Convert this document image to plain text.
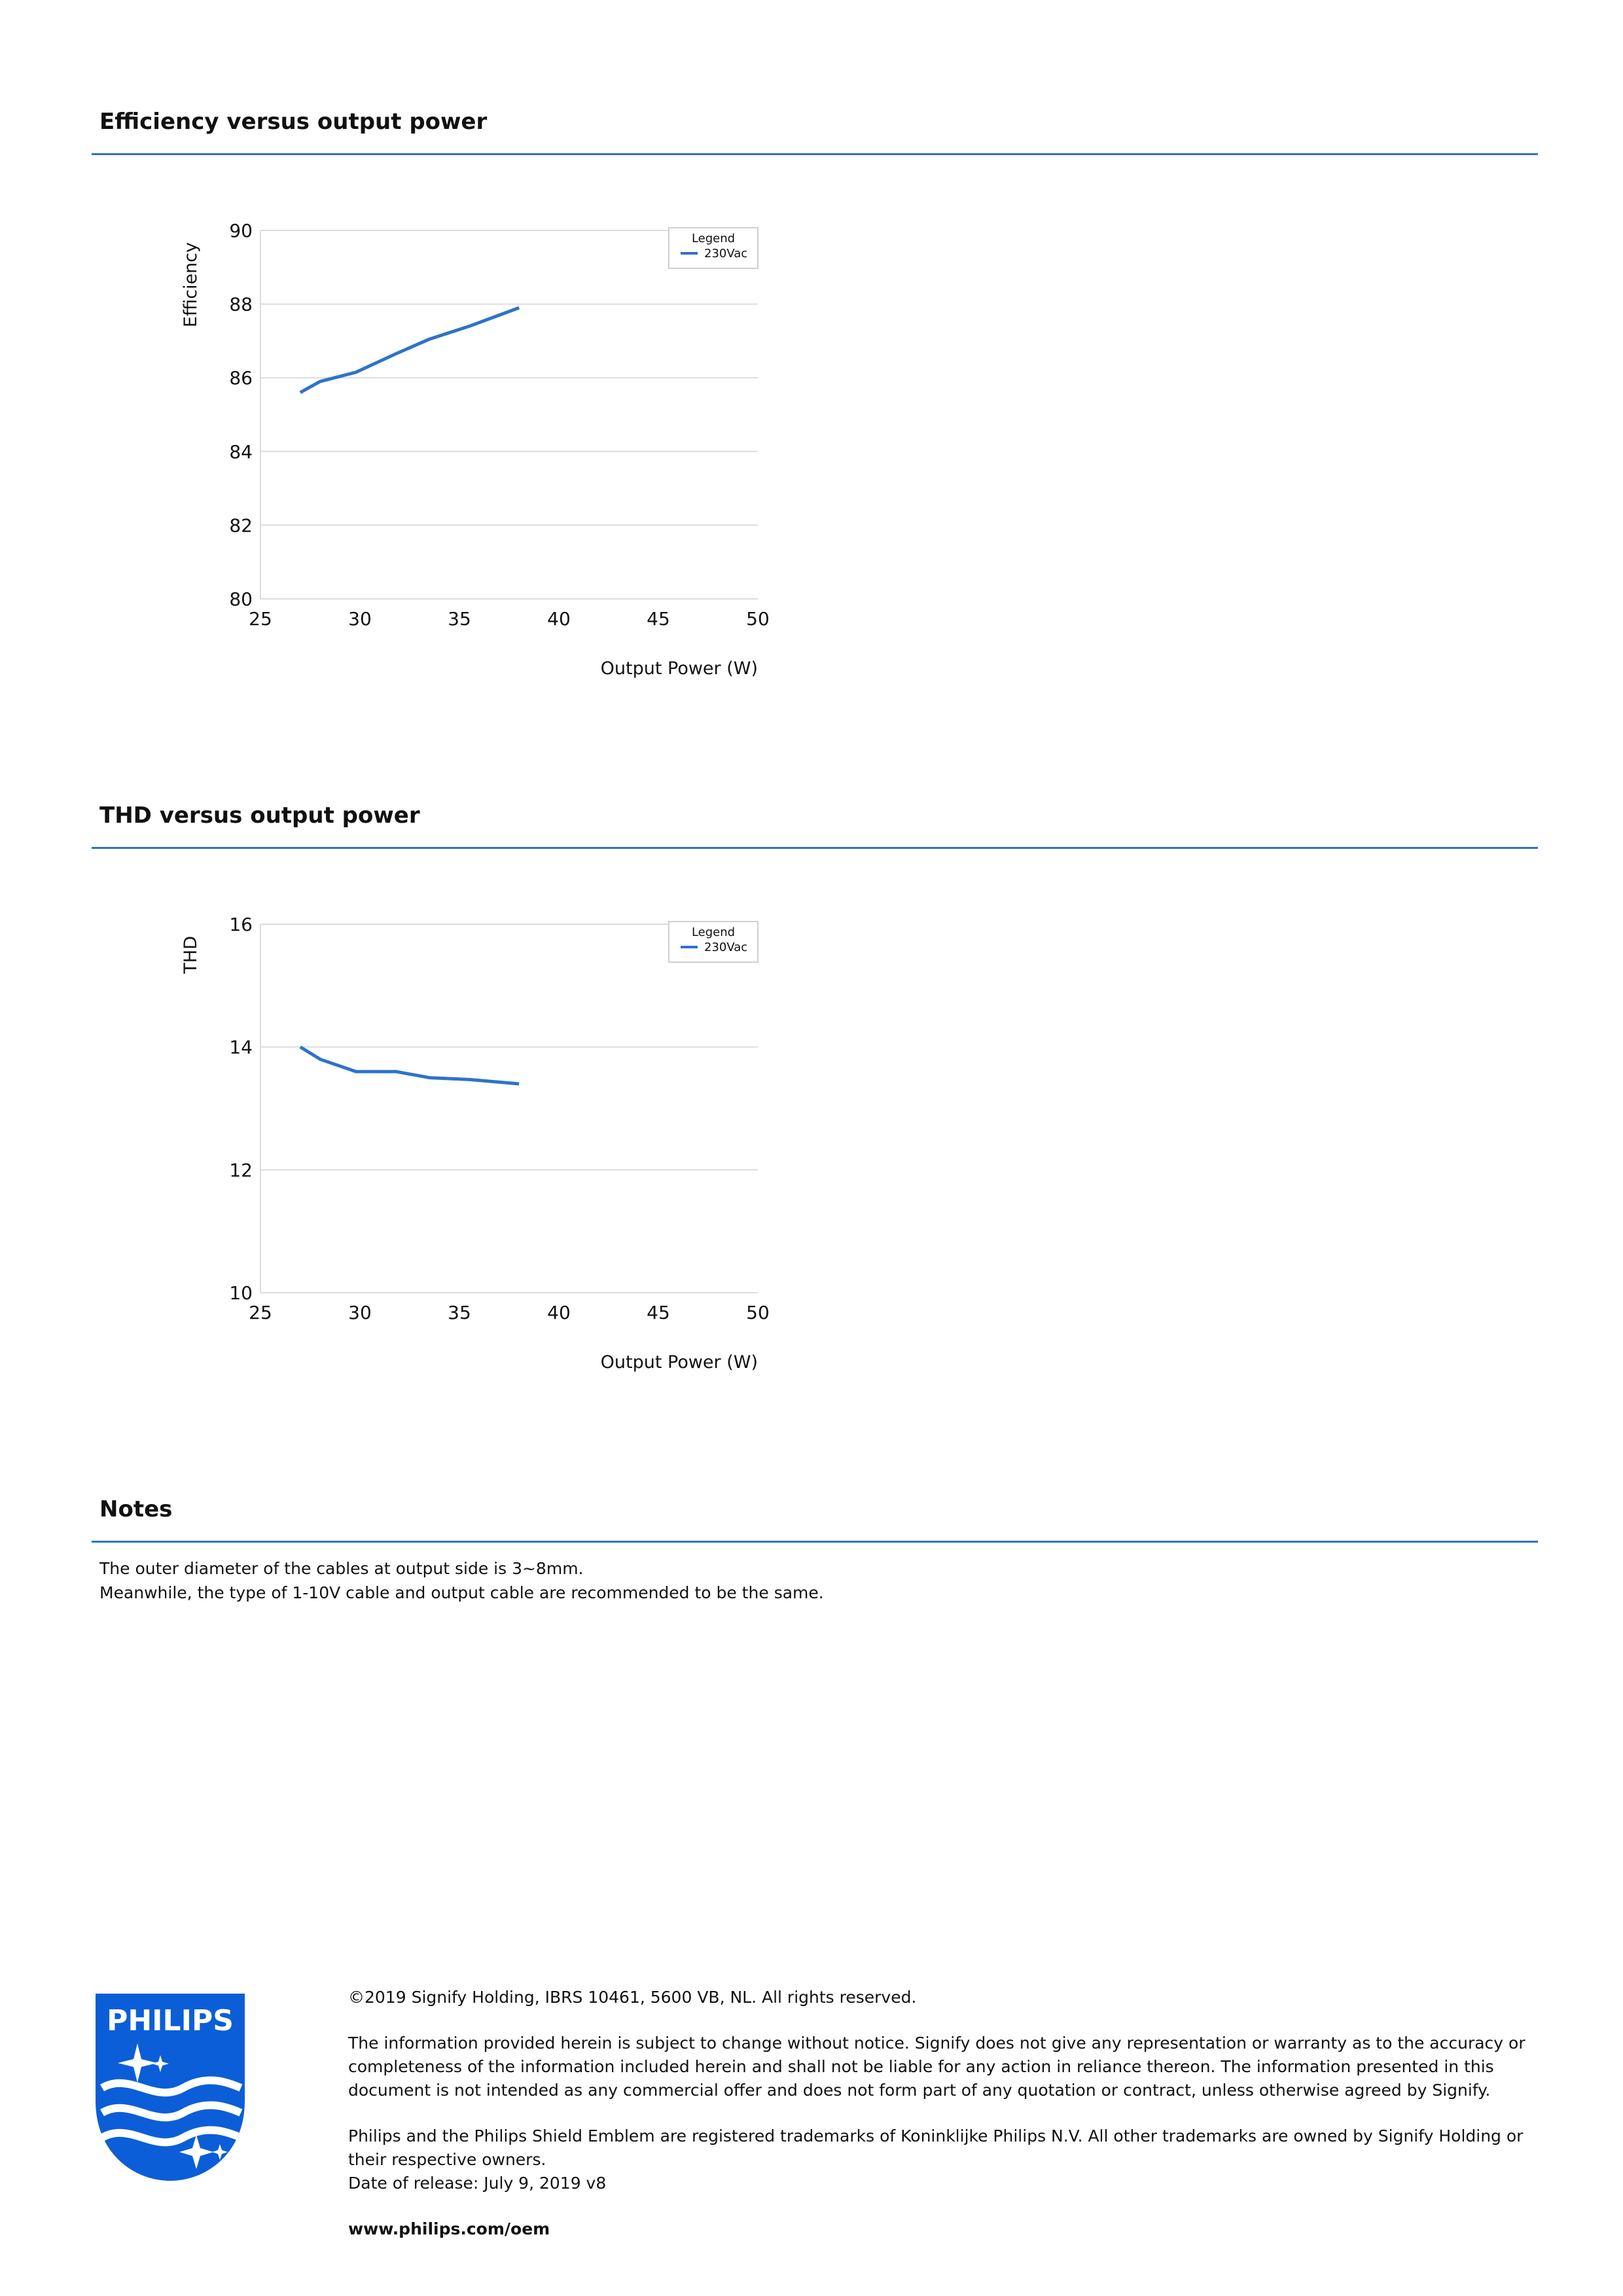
Efficiency versus output power
80
82
84
86
88
90
25	30	35	40	45	50
Output Power (W)
Efficiency
Legend
230Vac
THD versus output power
10
12
14
16
25	30	35	40	45	50
Output Power (W)
THD
Legend
230Vac
Notes

The outer diameter of the cables at output side is 3~8mm.

Meanwhile, the type of 1-10V cable and output cable are recommended to be the same.

PHILIPS

©2019 Signify Holding, IBRS 10461, 5600 VB, NL. All rights reserved.

The information provided herein is subject to change without notice. Signify does not give any representation or warranty as to the accuracy or completeness of the information included herein and shall not be liable for any action in reliance thereon. The information presented in this document is not intended as any commercial offer and does not form part of any quotation or contract, unless otherwise agreed by Signify.

Philips and the Philips Shield Emblem are registered trademarks of Koninklijke Philips N.V. All other trademarks are owned by Signify Holding or their respective owners.

Date of release: July 9, 2019 v8

www.philips.com/oem
